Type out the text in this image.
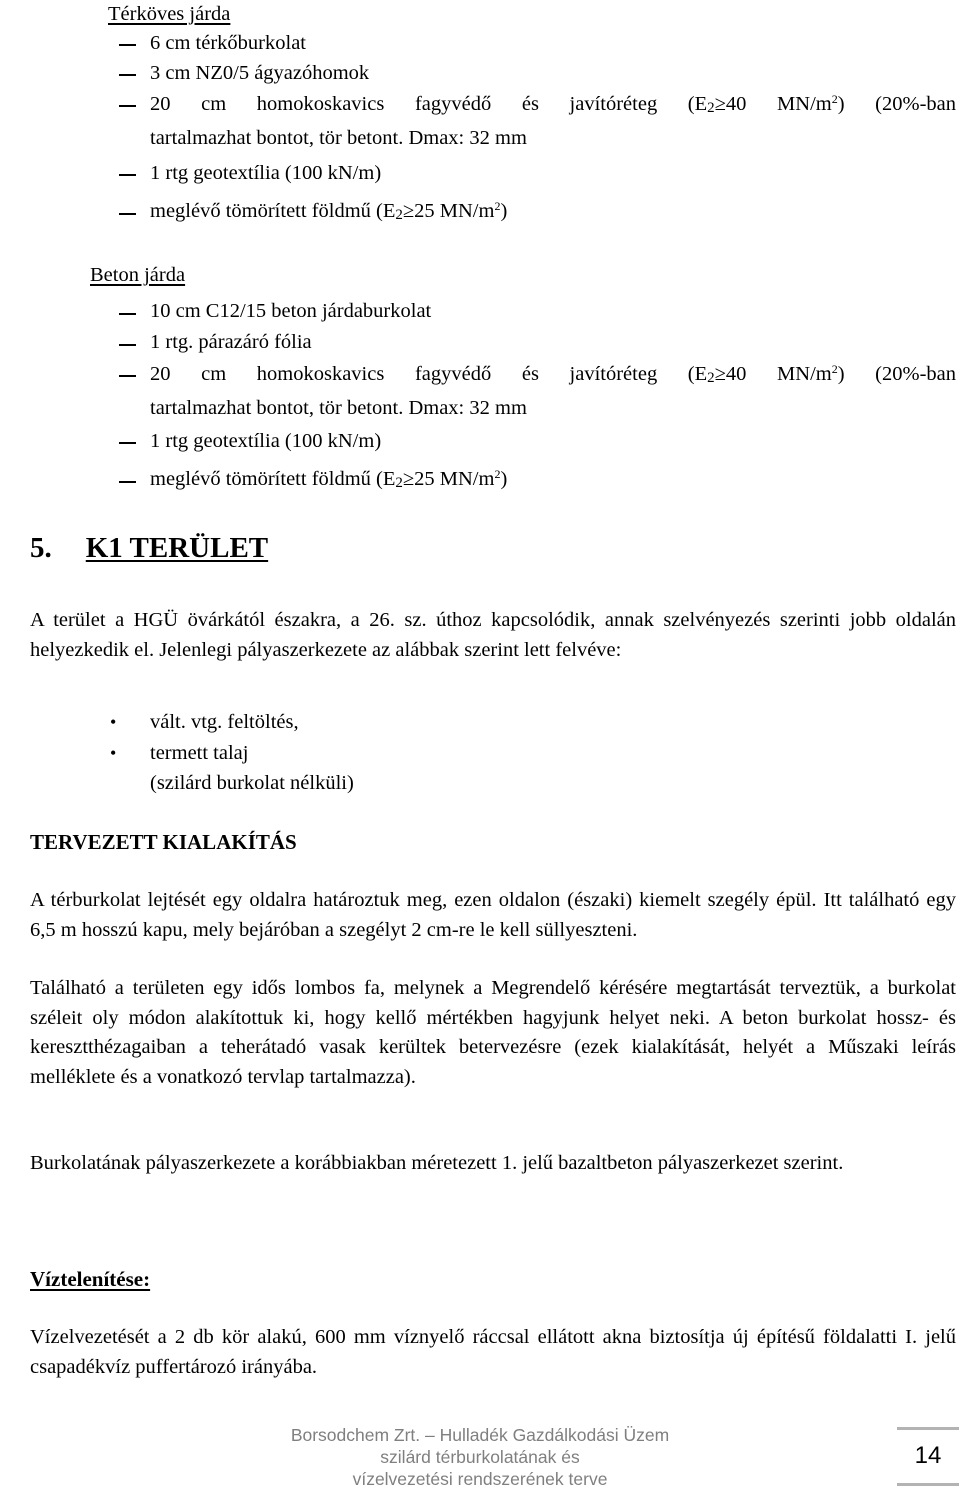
Térköves járda
6 cm térkőburkolat
3 cm NZ0/5 ágyazóhomok
20 cm homokoskavics fagyvédő és javítóréteg (E2≥40 $MN/m^2$) (20%-ban
tartalmazhat bontot, tör betont. Dmax: 32 mm
1 rtg geotextília (100 kN/m)
meglévő tömörített földmű (E2≥25 $MN/m^2$)
Beton járda
10 cm C12/15 beton járdaburkolat
1 rtg. párazáró fólia
20 cm homokoskavics fagyvédő és javítóréteg (E2≥40 $MN/m^2$) (20%-ban
tartalmazhat bontot, tör betont. Dmax: 32 mm
1 rtg geotextília (100 kN/m)
meglévő tömörített földmű (E2≥25 $MN/m^2$)
5. K1 TERÜLET
A terület a HGÜ övárkától északra, a 26. sz. úthoz kapcsolódik, annak szelvényezés szerinti jobb oldalán helyezkedik el. Jelenlegi pályaszerkezete az alábbak szerint lett felvéve:
• vált. vtg. feltöltés,
• termett talaj
(szilárd burkolat nélküli)
TERVEZETT KIALAKÍTÁS
A térburkolat lejtését egy oldalra határoztuk meg, ezen oldalon (északi) kiemelt szegély épül. Itt található egy 6,5 m hosszú kapu, mely bejáróban a szegélyt 2 cm-re le kell süllyeszteni.
Található a területen egy idős lombos fa, melynek a Megrendelő kérésére megtartását terveztük, a burkolat széleit oly módon alakítottuk ki, hogy kellő mértékben hagyjunk helyet neki. A beton burkolat hossz- és keresztthézagaiban a teherátadó vasak kerültek betervezésre (ezek kialakítását, helyét a Műszaki leírás melléklete és a vonatkozó tervlap tartalmazza).
Burkolatának pályaszerkezete a korábbiakban méretezett 1. jelű bazaltbeton pályaszerkezet szerint.
Víztelenítése:
Vízelvezetését a 2 db kör alakú, 600 mm víznyelő ráccsal ellátott akna biztosítja új építésű földalatti I. jelű csapadékvíz puffertározó irányába.
Borsodchem Zrt. – Hulladék Gazdálkodási Üzem
szilárd térburkolatának és
vízelvezetési rendszerének terve
14
